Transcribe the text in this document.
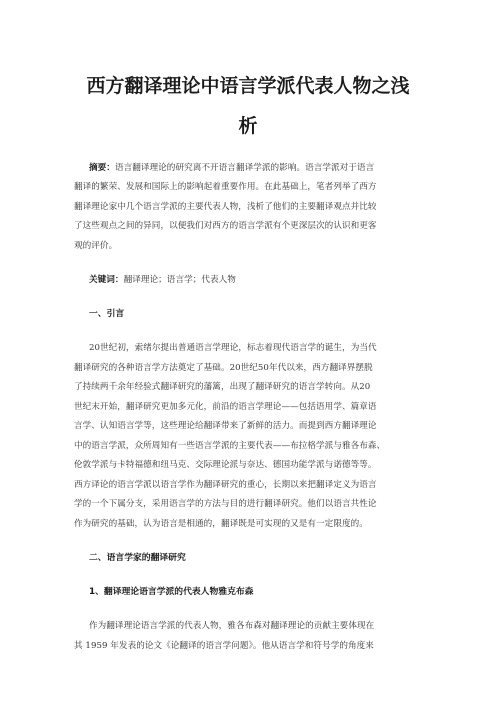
西方翻译理论中语言学派代表人物之浅
析
摘要：语言翻译理论的研究离不开语言翻译学派的影响。语言学派对于语言
翻译的繁荣、发展和国际上的影响起着重要作用。在此基础上，笔者列举了西方
翻译理论家中几个语言学派的主要代表人物，浅析了他们的主要翻译观点并比较
了这些观点之间的异同，以便我们对西方的语言学派有个更深层次的认识和更客
观的评价。
关键词：翻译理论；语言学；代表人物
一、引言
20世纪初，索绪尔提出普通语言学理论，标志着现代语言学的诞生，为当代
翻译研究的各种语言学方法奠定了基础。20世纪50年代以来，西方翻译界摆脱
了持续两千余年经验式翻译研究的藩篱，出现了翻译研究的语言学转向。从20
世纪末开始，翻译研究更加多元化，前沿的语言学理论——包括语用学、篇章语
言学、认知语言学等，这些理论给翻译带来了新鲜的活力。而提到西方翻译理论
中的语言学派，众所周知有一些语言学派的主要代表——布拉格学派与雅各布森、
伦敦学派与卡特福德和纽马克、交际理论派与奈达、德国功能学派与诺德等等。
西方译论的语言学派以语言学作为翻译研究的重心，长期以来把翻译定义为语言
学的一个下属分支，采用语言学的方法与目的进行翻译研究。他们以语言共性论
作为研究的基础，认为语言是相通的，翻译既是可实现的又是有一定限度的。
二、语言学家的翻译研究
1、翻译理论语言学派的代表人物雅克布森
作为翻译理论语言学派的代表人物，雅各布森对翻译理论的贡献主要体现在
其 1959 年发表的论文《论翻译的语言学问题》。他从语言学和符号学的角度来
